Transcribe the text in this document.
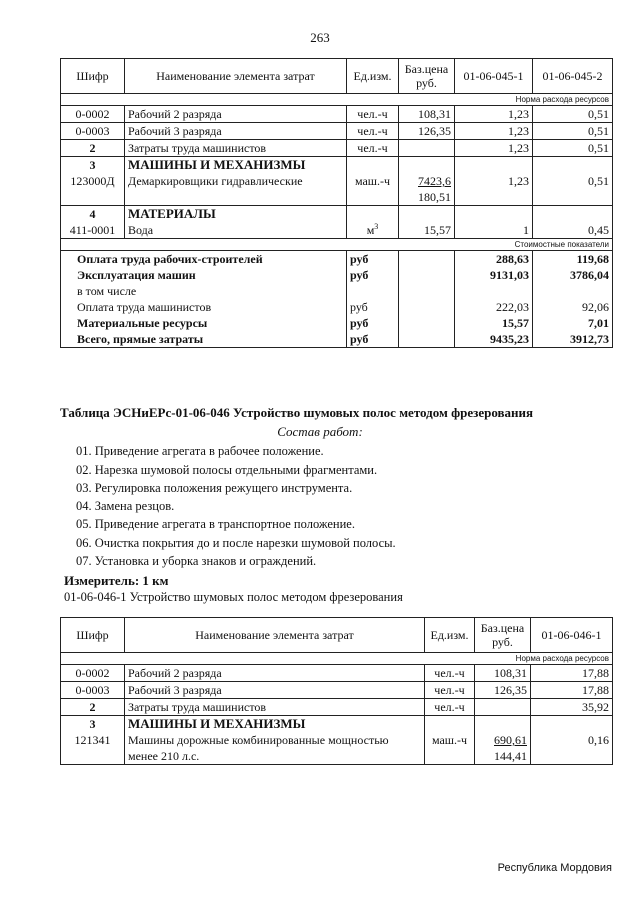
263
Шифр	Наименование элемента затрат	Ед.изм.	Баз.цена руб.	01-06-045-1	01-06-045-2
Норма расхода ресурсов					
0-0002	Рабочий 2 разряда	чел.-ч	108,31	1,23	0,51
0-0003	Рабочий 3 разряда	чел.-ч	126,35	1,23	0,51
2	Затраты труда машинистов	чел.-ч		1,23	0,51
3	МАШИНЫ И МЕХАНИЗМЫ				
123000Д	Демаркировщики гидравлические	маш.-ч	7423,6	1,23	0,51
			180,51		
4	МАТЕРИАЛЫ				
411-0001	Вода	$м^3$	15,57	1	0,45
Стоимостные показатели					
Оплата труда рабочих-строителей		руб		288,63	119,68
Эксплуатация машин		руб		9131,03	3786,04
в том числе					
Оплата труда машинистов		руб		222,03	92,06
Материальные ресурсы		руб		15,57	7,01
Всего, прямые затраты		руб		9435,23	3912,73
Таблица ЭСНиЕРс-01-06-046 Устройство шумовых полос методом фрезерования
Состав работ:
01. Приведение агрегата в рабочее положение.
02. Нарезка шумовой полосы отдельными фрагментами.
03. Регулировка положения режущего инструмента.
04. Замена резцов.
05. Приведение агрегата в транспортное положение.
06. Очистка покрытия до и после нарезки шумовой полосы.
07. Установка и уборка знаков и ограждений.
Измеритель: 1 км
01-06-046-1 Устройство шумовых полос методом фрезерования
Шифр	Наименование элемента затрат	Ед.изм.	Баз.цена руб.	01-06-046-1
Норма расхода ресурсов				
0-0002	Рабочий 2 разряда	чел.-ч	108,31	17,88
0-0003	Рабочий 3 разряда	чел.-ч	126,35	17,88
2	Затраты труда машинистов	чел.-ч		35,92
3	МАШИНЫ И МЕХАНИЗМЫ			
121341	Машины дорожные комбинированные мощностью	маш.-ч	690,61	0,16
	менее 210 л.с.		144,41	
Республика Мордовия
